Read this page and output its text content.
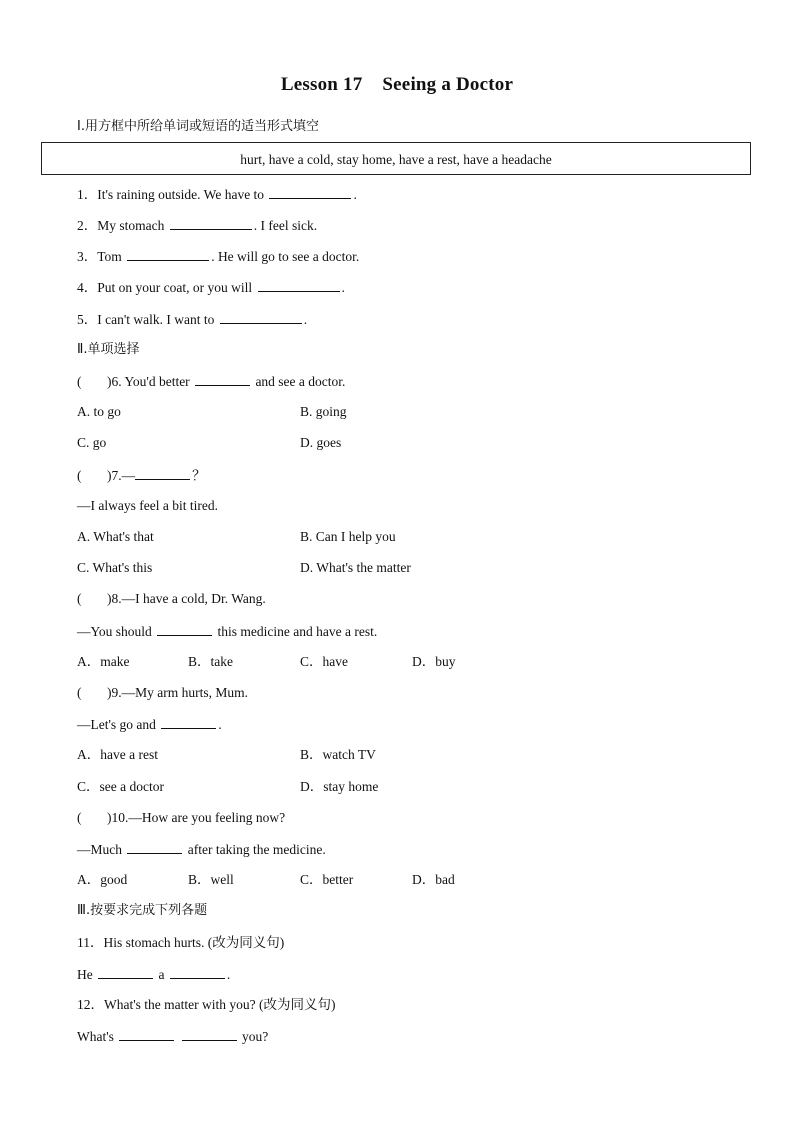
Lesson 17 Seeing a Doctor
Ⅰ.用方框中所给单词或短语的适当形式填空
hurt, have a cold, stay home, have a rest, have a headache
1．It's raining outside. We have to	.
2．My stomach	. I feel sick.
3．Tom	. He will go to see a doctor.
4．Put on your coat, or you will	.
5．I can't walk. I want to	.
Ⅱ.单项选择
( )6. You'd better	and see a doctor.
A. to go	B. going
C. go	D. goes
( )7.—	？
—I always feel a bit tired.
A. What's that	B. Can I help you
C. What's this	D. What's the matter
( )8.—I have a cold, Dr. Wang.
—You should	this medicine and have a rest.
A．make	B．take	C．have	D．buy
( )9.—My arm hurts, Mum.
—Let's go and	.
A．have a rest	B．watch TV
C．see a doctor	D．stay home
( )10.—How are you feeling now?
—Much	after taking the medicine.
A．good	B．well	C．better	D．bad
Ⅲ.按要求完成下列各题
11．His stomach hurts. (改为同义句)
He	a	.
12．What's the matter with you? (改为同义句)
What's	you?
